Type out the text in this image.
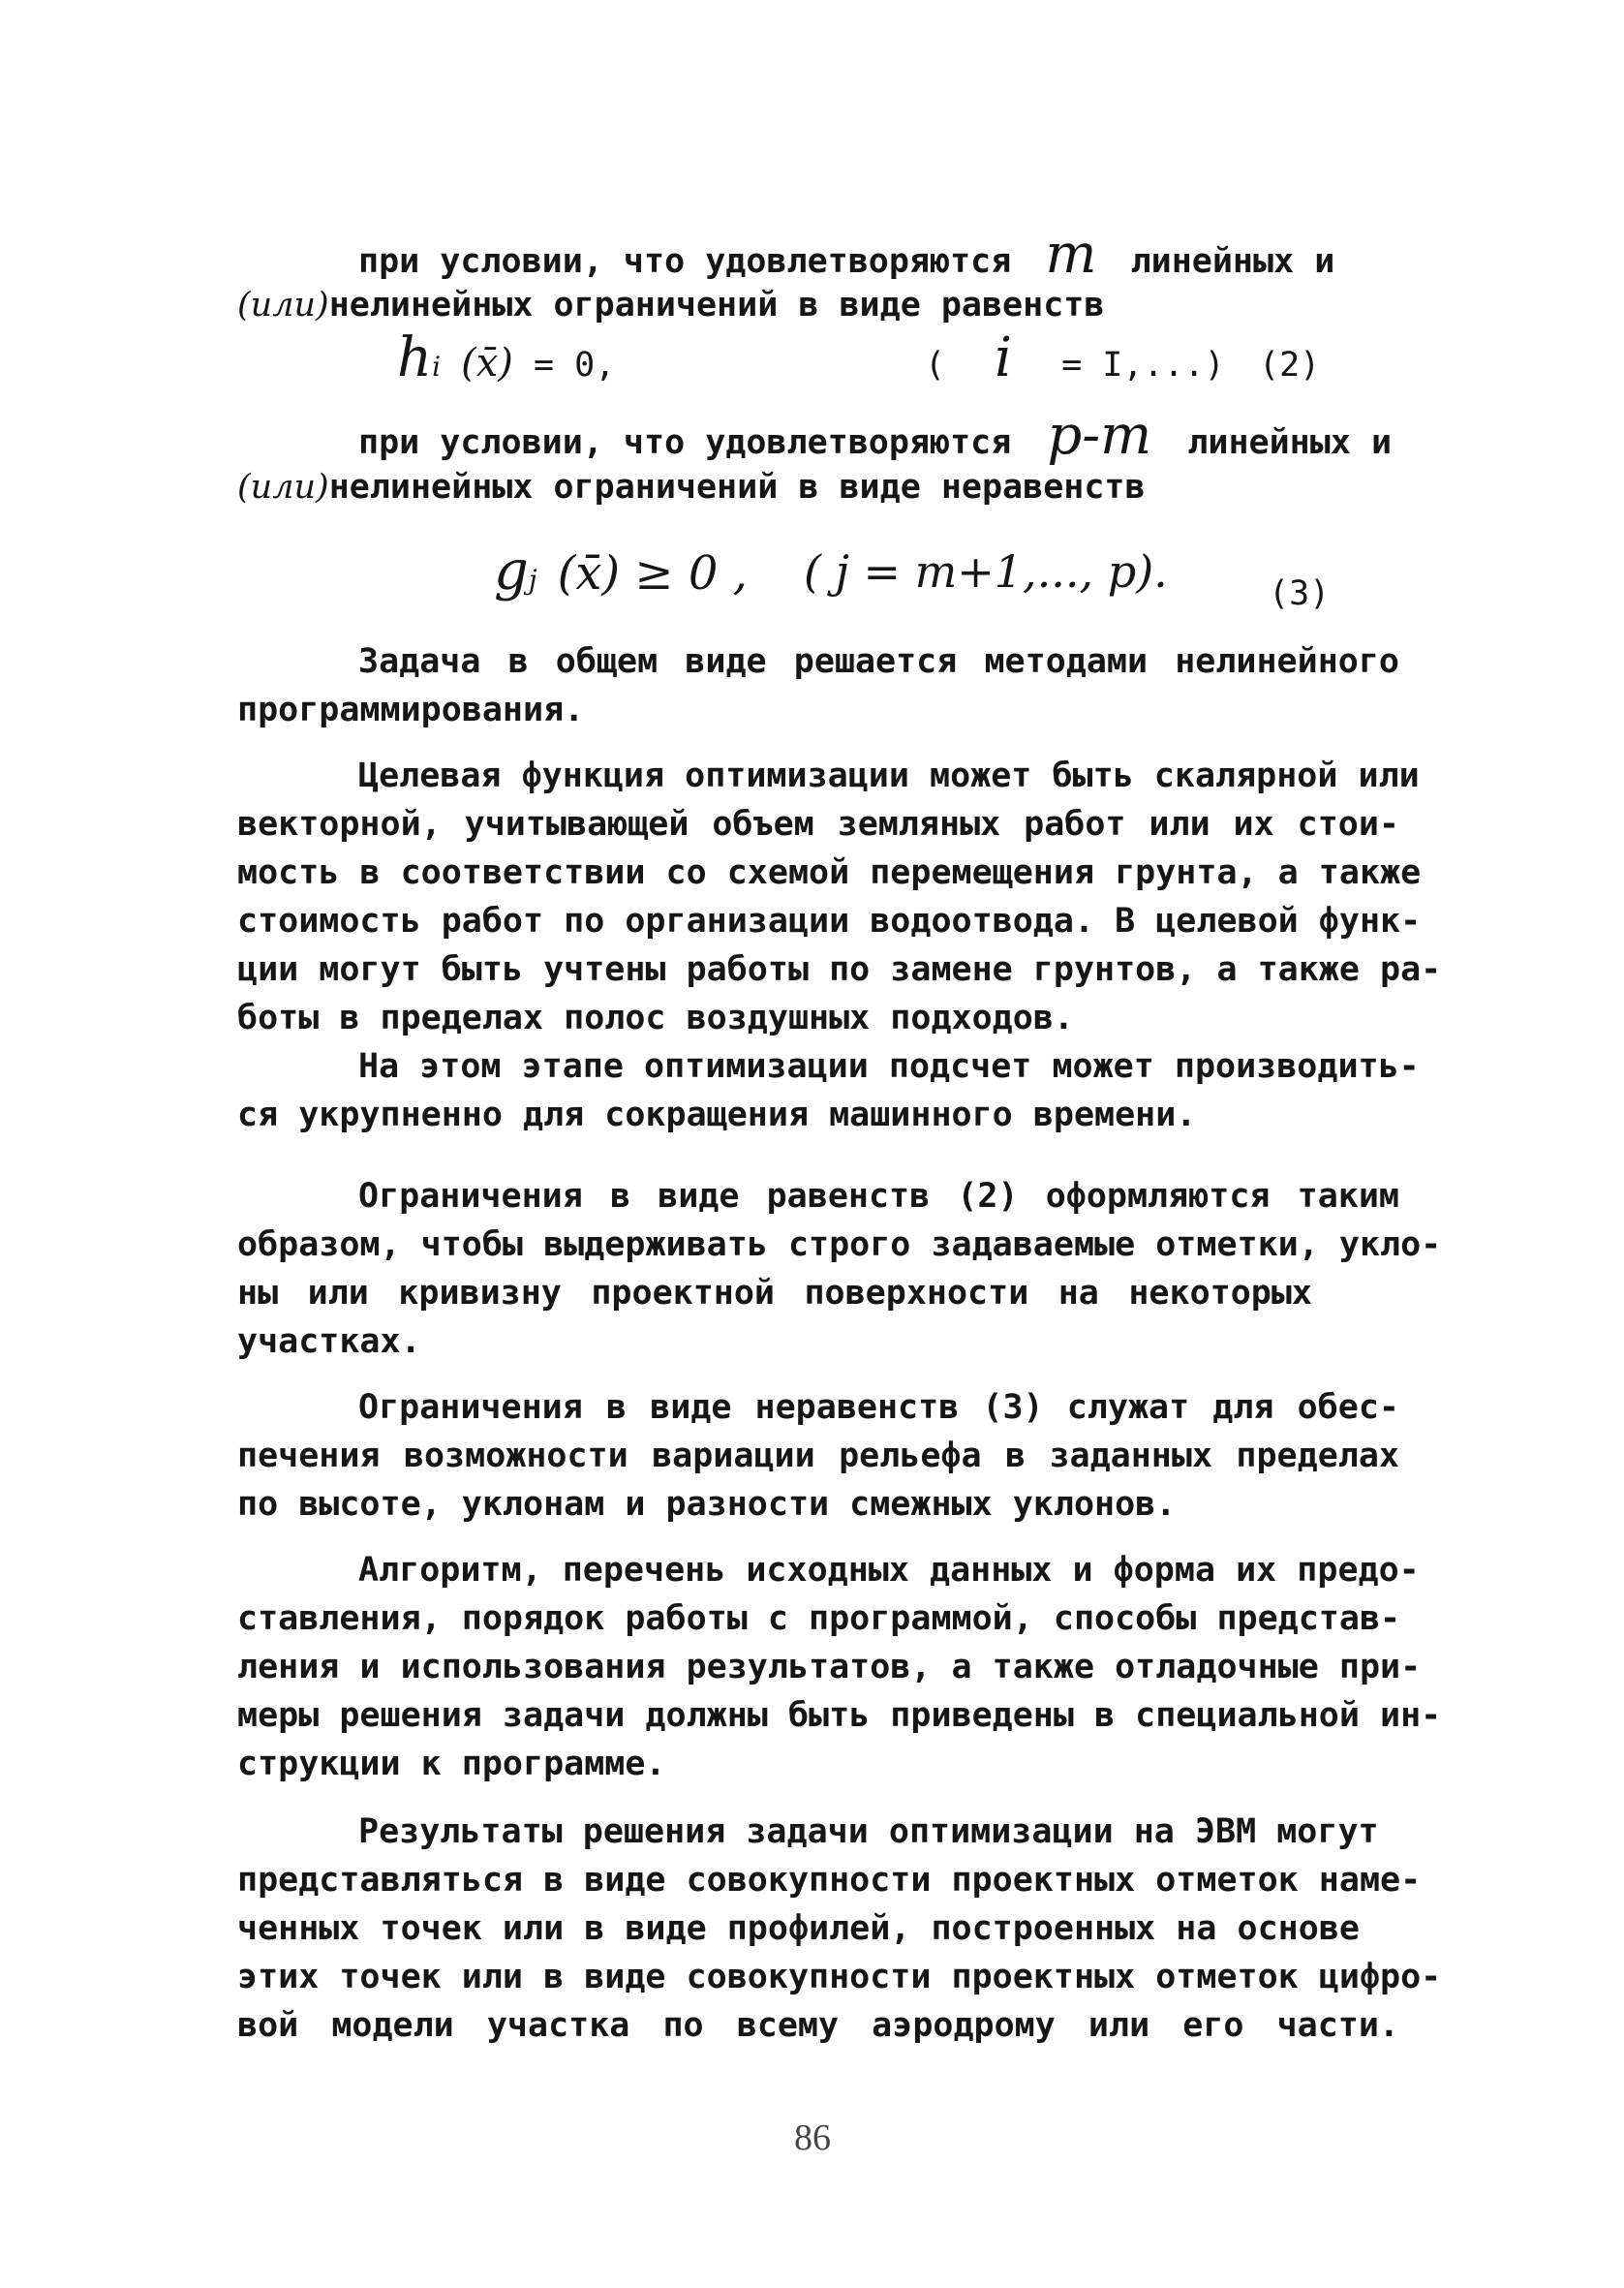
при условии, что удовлетворяются m линейных и
(или)нелинейных ограничений в виде равенств
hi (x̄) = 0,	( i = I,...) (2)
при условии, что удовлетворяются p-m линейных и
(или)нелинейных ограничений в виде неравенств
gj (x̄) ≥ 0 , ( j = m+1,..., p).	(3)
Задача в общем виде решается методами нелинейного
программирования.
Целевая функция оптимизации может быть скалярной или
векторной, учитывающей объем земляных работ или их стои-
мость в соответствии со схемой перемещения грунта, а также
стоимость работ по организации водоотвода. В целевой функ-
ции могут быть учтены работы по замене грунтов, а также ра-
боты в пределах полос воздушных подходов.
На этом этапе оптимизации подсчет может производить-
ся укрупненно для сокращения машинного времени.
Ограничения в виде равенств (2) оформляются таким
образом, чтобы выдерживать строго задаваемые отметки, укло-
ны или кривизну проектной поверхности на некоторых
участках.
Ограничения в виде неравенств (3) служат для обес-
печения возможности вариации рельефа в заданных пределах
по высоте, уклонам и разности смежных уклонов.
Алгоритм, перечень исходных данных и форма их предо-
ставления, порядок работы с программой, способы представ-
ления и использования результатов, а также отладочные при-
меры решения задачи должны быть приведены в специальной ин-
струкции к программе.
Результаты решения задачи оптимизации на ЭВМ могут
представляться в виде совокупности проектных отметок наме-
ченных точек или в виде профилей, построенных на основе
этих точек или в виде совокупности проектных отметок цифро-
вой модели участка по всему аэродрому или его части.
86
